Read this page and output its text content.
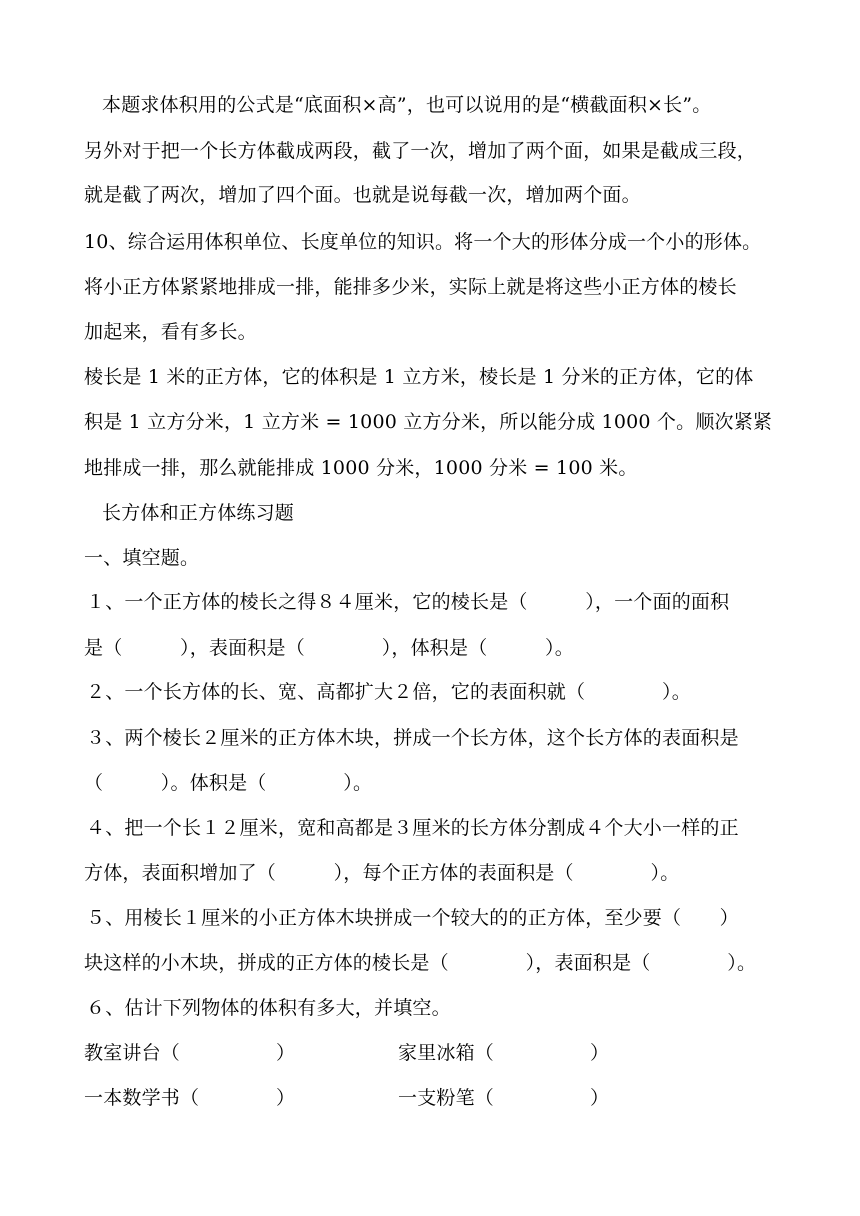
本题求体积用的公式是“底面积×高”，也可以说用的是“横截面积×长”。
另外对于把一个长方体截成两段，截了一次，增加了两个面，如果是截成三段，
就是截了两次，增加了四个面。也就是说每截一次，增加两个面。
10、综合运用体积单位、长度单位的知识。将一个大的形体分成一个小的形体。
将小正方体紧紧地排成一排，能排多少米，实际上就是将这些小正方体的棱长
加起来，看有多长。
棱长是 1 米的正方体，它的体积是 1 立方米，棱长是 1 分米的正方体，它的体
积是 1 立方分米，1 立方米 = 1000 立方分米，所以能分成 1000 个。顺次紧紧
地排成一排，那么就能排成 1000 分米，1000 分米 = 100 米。
长方体和正方体练习题
一、填空题。
１、一个正方体的棱长之得８４厘米，它的棱长是（　　　），一个面的面积
是（　　　），表面积是（　　　　），体积是（　　　）。
２、一个长方体的长、宽、高都扩大２倍，它的表面积就（　　　　）。
３、两个棱长２厘米的正方体木块，拼成一个长方体，这个长方体的表面积是
（　　　）。体积是（　　　　）。
４、把一个长１２厘米，宽和高都是３厘米的长方体分割成４个大小一样的正
方体，表面积增加了（　　　），每个正方体的表面积是（　　　　）。
５、用棱长１厘米的小正方体木块拼成一个较大的的正方体，至少要（　　）
块这样的小木块，拼成的正方体的棱长是（　　　　），表面积是（　　　　）。
６、估计下列物体的体积有多大，并填空。
教室讲台（　　　　　）	家里冰箱（　　　　　）
一本数学书（　　　　）	一支粉笔（　　　　　）
